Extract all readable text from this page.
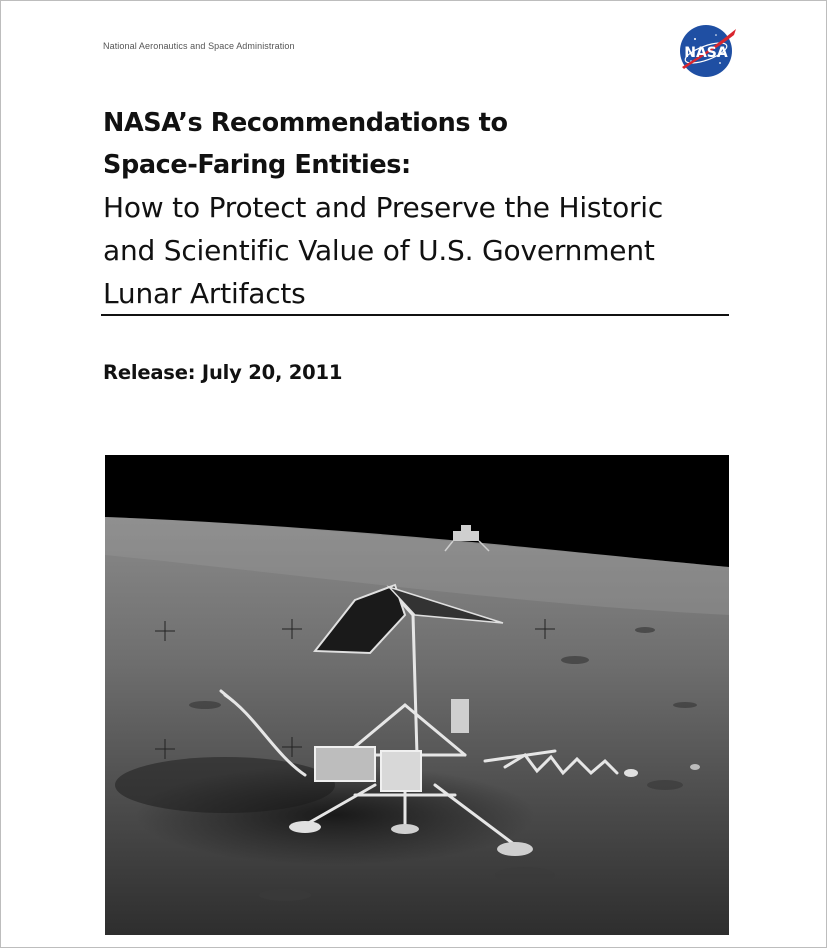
National Aeronautics and Space Administration	NASA
NASA’s Recommendations to
Space-Faring Entities:
How to Protect and Preserve the Historic
and Scientific Value of U.S. Government
Lunar Artifacts
Release: July 20, 2011
